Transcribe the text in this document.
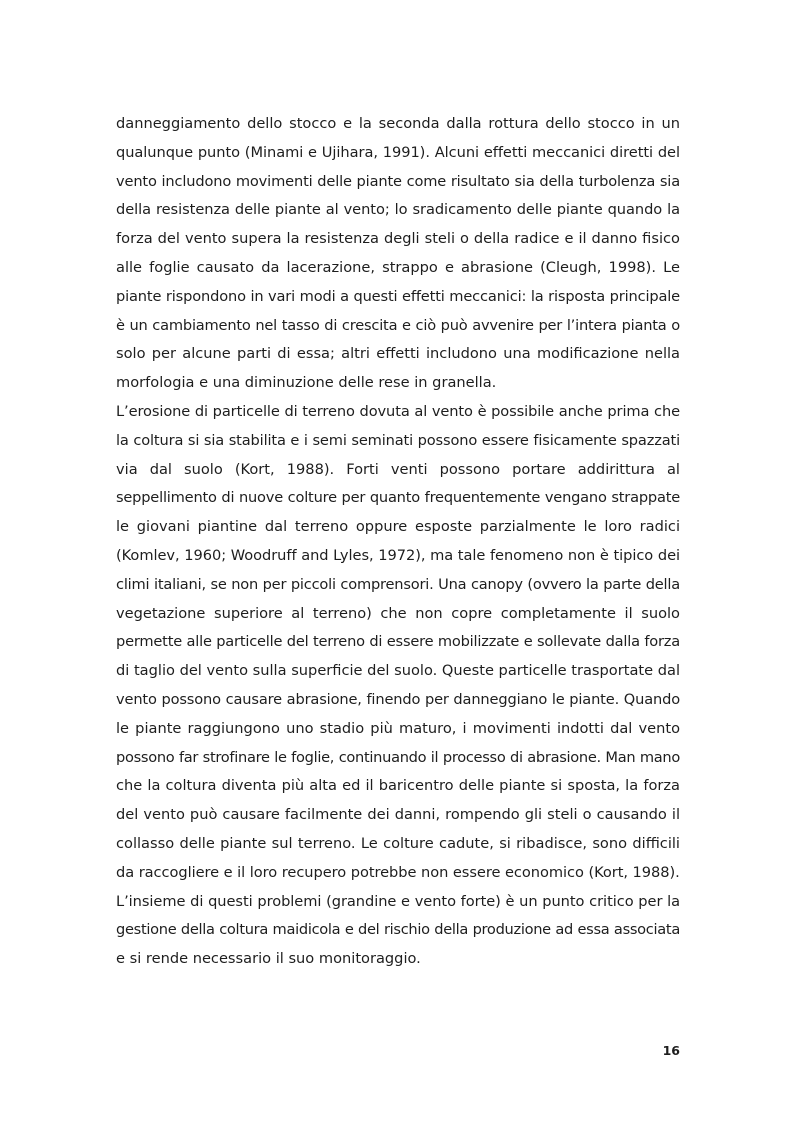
danneggiamento dello stocco e la seconda dalla rottura dello stocco in un
qualunque punto (Minami e Ujihara, 1991). Alcuni effetti meccanici diretti del
vento includono movimenti delle piante come risultato sia della turbolenza sia
della resistenza delle piante al vento; lo sradicamento delle piante quando la
forza del vento supera la resistenza degli steli o della radice e il danno fisico
alle foglie causato da lacerazione, strappo e abrasione (Cleugh, 1998). Le
piante rispondono in vari modi a questi effetti meccanici: la risposta principale
è un cambiamento nel tasso di crescita e ciò può avvenire per l’intera pianta o
solo per alcune parti di essa; altri effetti includono una modificazione nella
morfologia e una diminuzione delle rese in granella.
L’erosione di particelle di terreno dovuta al vento è possibile anche prima che
la coltura si sia stabilita e i semi seminati possono essere fisicamente spazzati
via dal suolo (Kort, 1988). Forti venti possono portare addirittura al
seppellimento di nuove colture per quanto frequentemente vengano strappate
le giovani piantine dal terreno oppure esposte parzialmente le loro radici
(Komlev, 1960; Woodruff and Lyles, 1972), ma tale fenomeno non è tipico dei
climi italiani, se non per piccoli comprensori. Una canopy (ovvero la parte della
vegetazione superiore al terreno) che non copre completamente il suolo
permette alle particelle del terreno di essere mobilizzate e sollevate dalla forza
di taglio del vento sulla superficie del suolo. Queste particelle trasportate dal
vento possono causare abrasione, finendo per danneggiano le piante. Quando
le piante raggiungono uno stadio più maturo, i movimenti indotti dal vento
possono far strofinare le foglie, continuando il processo di abrasione. Man mano
che la coltura diventa più alta ed il baricentro delle piante si sposta, la forza
del vento può causare facilmente dei danni, rompendo gli steli o causando il
collasso delle piante sul terreno. Le colture cadute, si ribadisce, sono difficili
da raccogliere e il loro recupero potrebbe non essere economico (Kort, 1988).
L’insieme di questi problemi (grandine e vento forte) è un punto critico per la
gestione della coltura maidicola e del rischio della produzione ad essa associata
e si rende necessario il suo monitoraggio.
16
